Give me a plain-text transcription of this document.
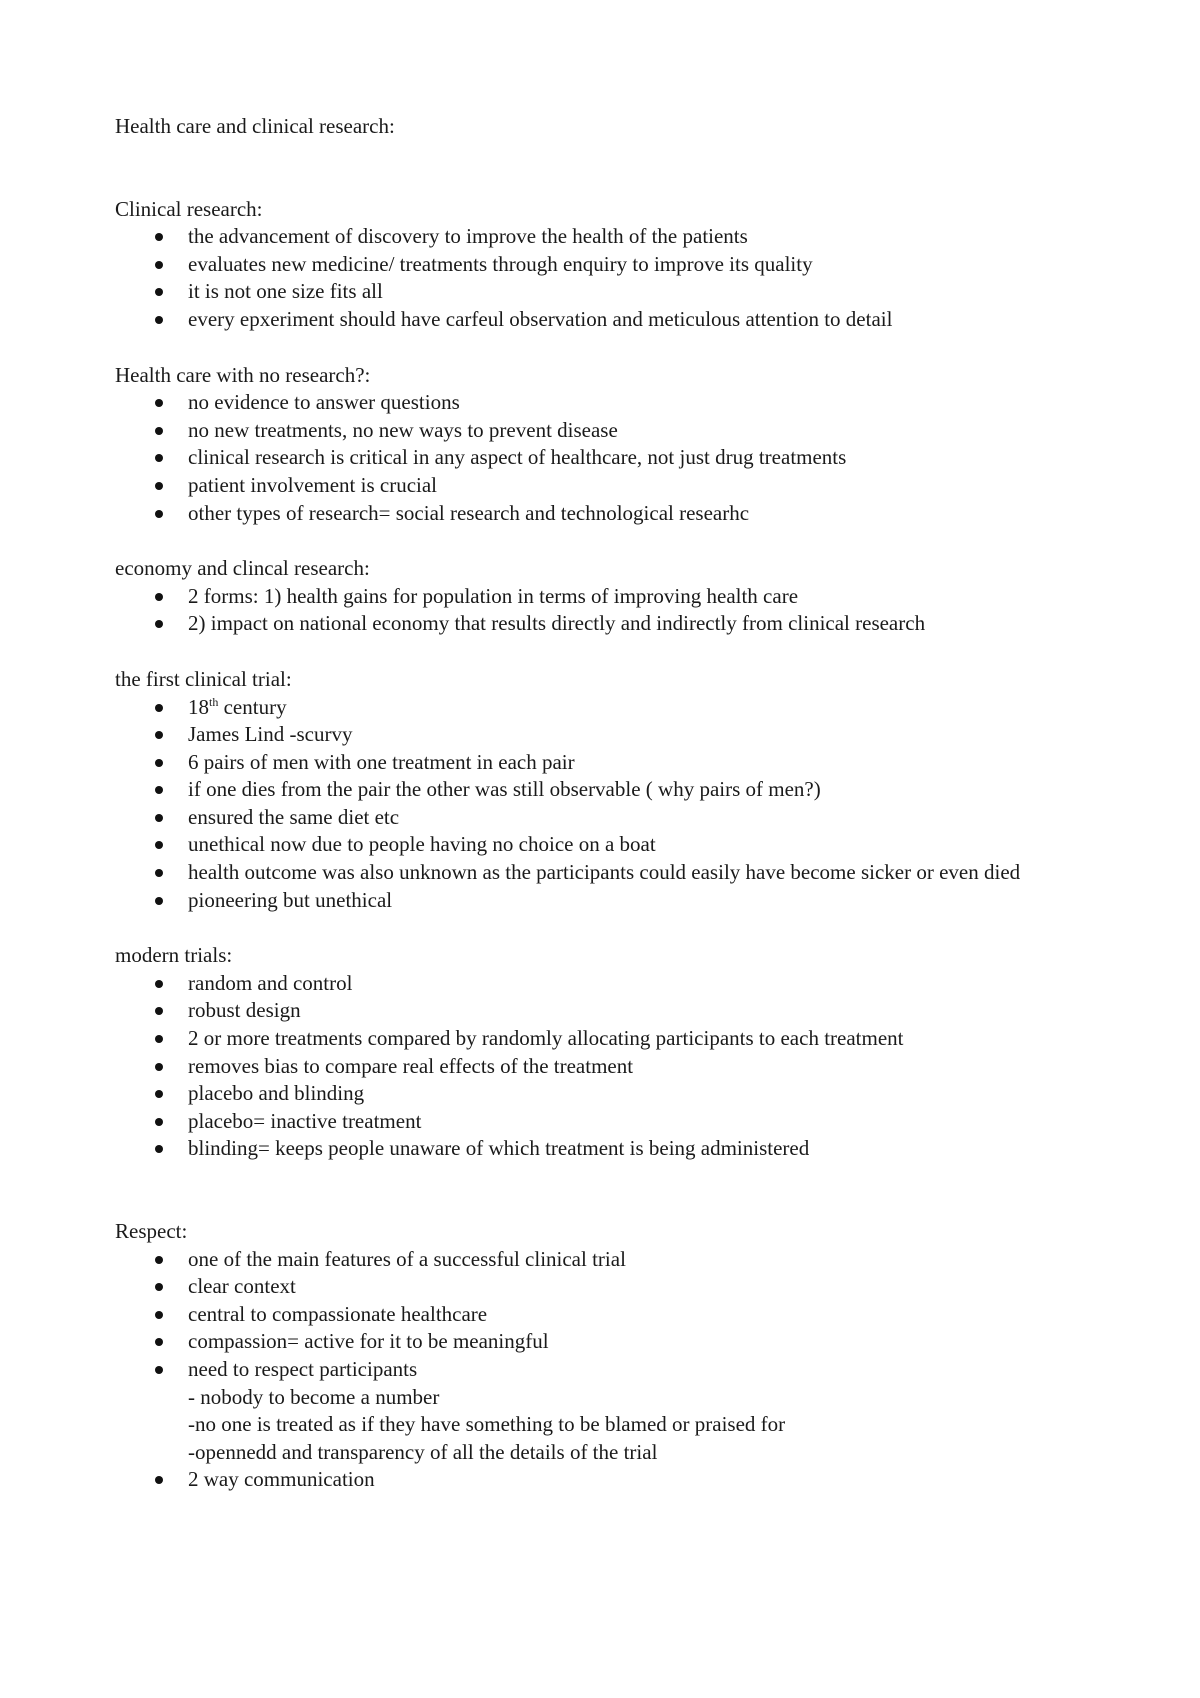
Health care and clinical research:

Clinical research:

the advancement of discovery to improve the health of the patients
evaluates new medicine/ treatments through enquiry to improve its quality
it is not one size fits all
every epxeriment should have carfeul observation and meticulous attention to detail

Health care with no research?:

no evidence to answer questions
no new treatments, no new ways to prevent disease
clinical research is critical in any aspect of healthcare, not just drug treatments
patient involvement is crucial
other types of research= social research and technological researhc

economy and clincal research:

2 forms: 1) health gains for population in terms of improving health care
2) impact on national economy that results directly and indirectly from clinical research

the first clinical trial:

18th century
James Lind -scurvy
6 pairs of men with one treatment in each pair
if one dies from the pair the other was still observable ( why pairs of men?)
ensured the same diet etc
unethical now due to people having no choice on a boat
health outcome was also unknown as the participants could easily have become sicker or even died
pioneering but unethical

modern trials:

random and control
robust design
2 or more treatments compared by randomly allocating participants to each treatment
removes bias to compare real effects of the treatment
placebo and blinding
placebo= inactive treatment
blinding= keeps people unaware of which treatment is being administered

Respect:

one of the main features of a successful clinical trial
clear context
central to compassionate healthcare
compassion= active for it to be meaningful
need to respect participants
- nobody to become a number
-no one is treated as if they have something to be blamed or praised for
-opennedd and transparency of all the details of the trial
2 way communication
